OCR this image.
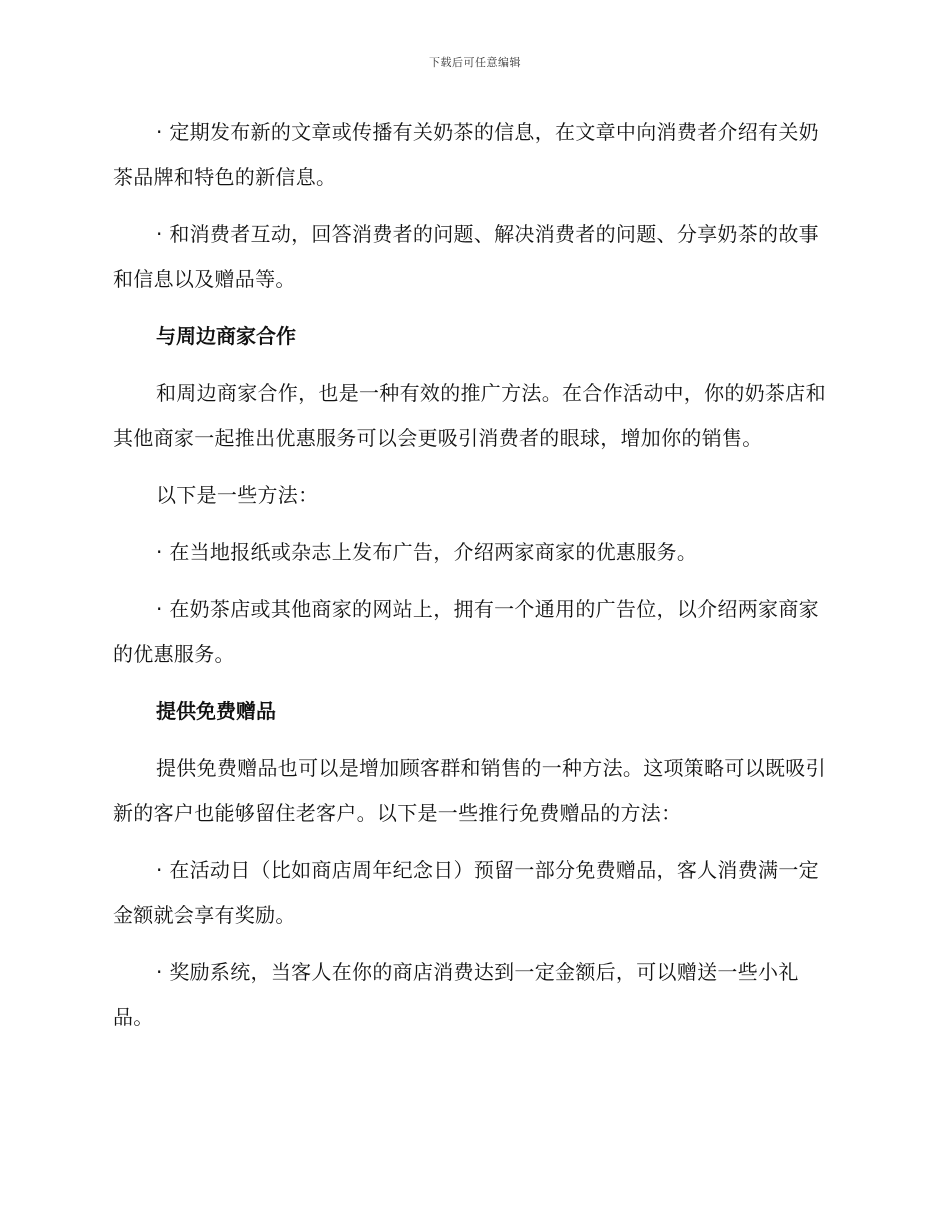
下载后可任意编辑

· 定期发布新的文章或传播有关奶茶的信息，在文章中向消费者介绍有关奶茶品牌和特色的新信息。

· 和消费者互动，回答消费者的问题、解决消费者的问题、分享奶茶的故事和信息以及赠品等。

与周边商家合作

和周边商家合作，也是一种有效的推广方法。在合作活动中，你的奶茶店和其他商家一起推出优惠服务可以会更吸引消费者的眼球，增加你的销售。

以下是一些方法：

· 在当地报纸或杂志上发布广告，介绍两家商家的优惠服务。

· 在奶茶店或其他商家的网站上，拥有一个通用的广告位，以介绍两家商家的优惠服务。

提供免费赠品

提供免费赠品也可以是增加顾客群和销售的一种方法。这项策略可以既吸引新的客户也能够留住老客户。以下是一些推行免费赠品的方法：

· 在活动日（比如商店周年纪念日）预留一部分免费赠品，客人消费满一定金额就会享有奖励。

· 奖励系统，当客人在你的商店消费达到一定金额后，可以赠送一些小礼品。
